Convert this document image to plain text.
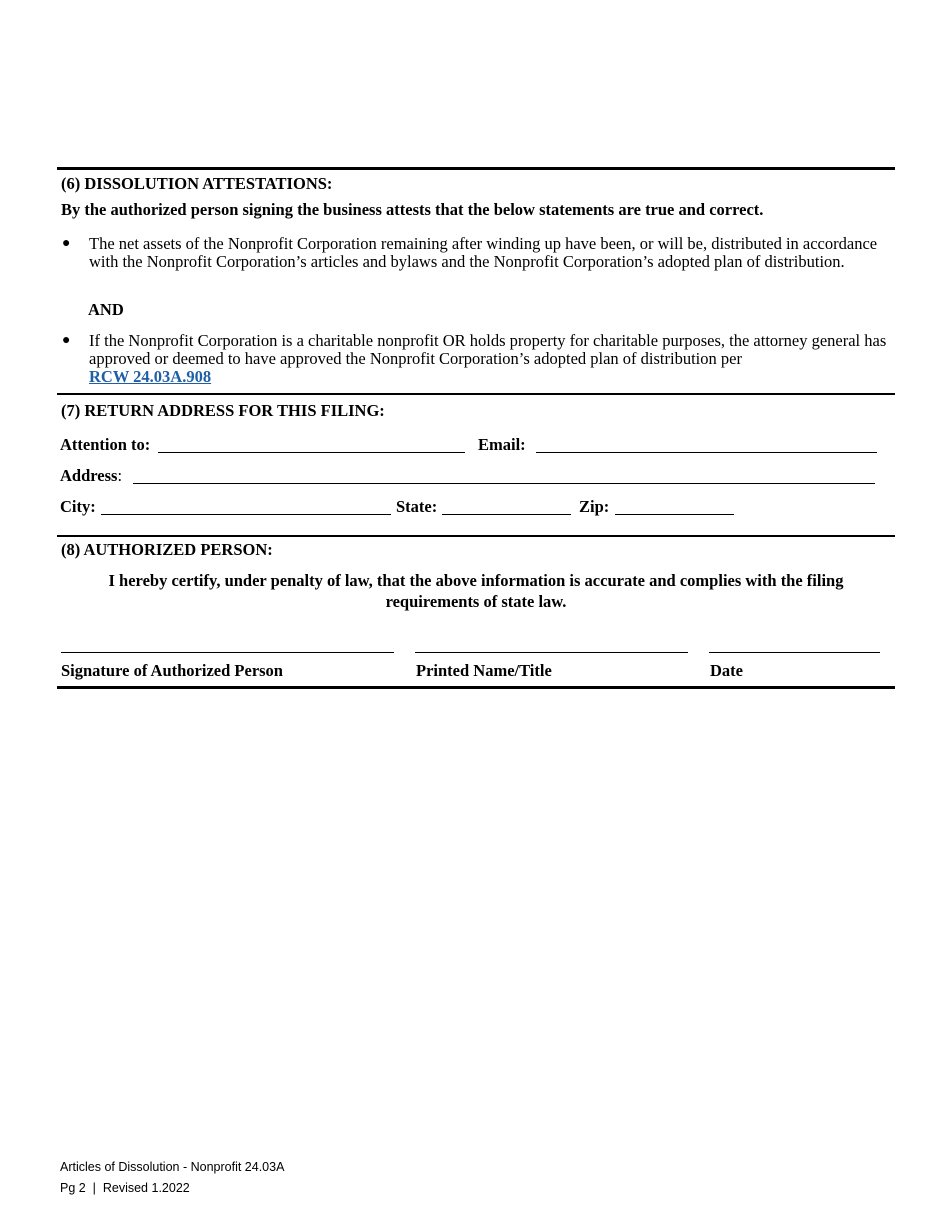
(6) DISSOLUTION ATTESTATIONS:
By the authorized person signing the business attests that the below statements are true and correct.
● The net assets of the Nonprofit Corporation remaining after winding up have been, or will be, distributed in accordance with the Nonprofit Corporation’s articles and bylaws and the Nonprofit Corporation’s adopted plan of distribution.
AND
● If the Nonprofit Corporation is a charitable nonprofit OR holds property for charitable purposes, the attorney general has approved or deemed to have approved the Nonprofit Corporation’s adopted plan of distribution per
RCW 24.03A.908
(7) RETURN ADDRESS FOR THIS FILING:
Attention to:	Email:
Address:
City:	State:	Zip:
(8) AUTHORIZED PERSON:
I hereby certify, under penalty of law, that the above information is accurate and complies with the filing
requirements of state law.
Signature of Authorized Person	Printed Name/Title	Date
Articles of Dissolution - Nonprofit 24.03A
Pg 2  |  Revised 1.2022
